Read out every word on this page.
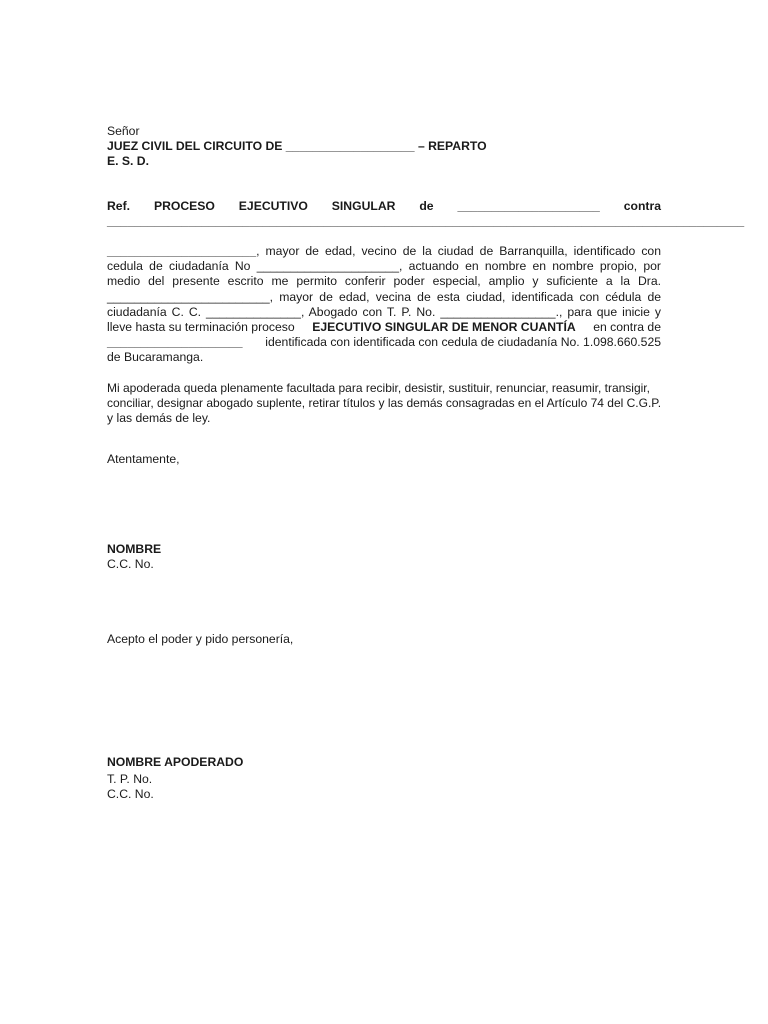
Señor
JUEZ CIVIL DEL CIRCUITO DE ___________________ – REPARTO
E. S. D.
Ref. PROCESO EJECUTIVO SINGULAR de _____________________ contra
______________________________________________________________________________________________
______________________ , mayor de edad, vecino de la ciudad de Barranquilla, identificado con
cedula de ciudadanía No _____________________, actuando en nombre en nombre propio, por
medio del presente escrito me permito conferir poder especial, amplio y suficiente a la Dra.
________________________, mayor de edad, vecina de esta ciudad, identificada con cédula de
ciudadanía C. C. ______________, Abogado con T. P. No. _________________., para que inicie y
lleve hasta su terminación proceso EJECUTIVO SINGULAR DE MENOR CUANTÍA en contra de
____________________ identificada con identificada con cedula de ciudadanía No. 1.098.660.525
de Bucaramanga.
Mi apoderada queda plenamente facultada para recibir, desistir, sustituir, renunciar, reasumir, transigir,
conciliar, designar abogado suplente, retirar títulos y las demás consagradas en el Artículo 74 del C.G.P.
y las demás de ley.
Atentamente,
NOMBRE
C.C. No.
Acepto el poder y pido personería,
NOMBRE APODERADO
T. P. No.
C.C. No.
